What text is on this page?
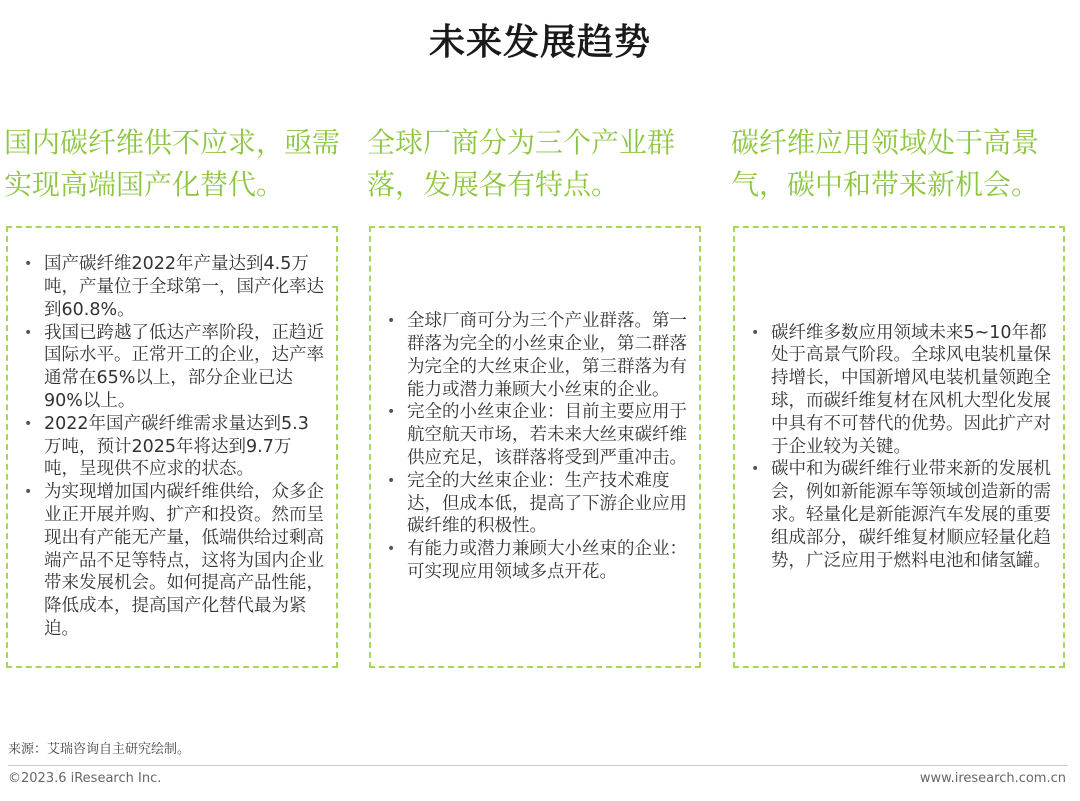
未来发展趋势
国内碳纤维供不应求，亟需实现高端国产化替代。
• 国产碳纤维2022年产量达到4.5万吨，产量位于全球第一，国产化率达到60.8%。
• 我国已跨越了低达产率阶段，正趋近国际水平。正常开工的企业，达产率通常在65%以上，部分企业已达90%以上。
• 2022年国产碳纤维需求量达到5.3万吨，预计2025年将达到9.7万吨，呈现供不应求的状态。
• 为实现增加国内碳纤维供给，众多企业正开展并购、扩产和投资。然而呈现出有产能无产量，低端供给过剩高端产品不足等特点，这将为国内企业带来发展机会。如何提高产品性能，降低成本，提高国产化替代最为紧迫。
全球厂商分为三个产业群落，发展各有特点。
• 全球厂商可分为三个产业群落。第一群落为完全的小丝束企业，第二群落为完全的大丝束企业，第三群落为有能力或潜力兼顾大小丝束的企业。
• 完全的小丝束企业：目前主要应用于航空航天市场，若未来大丝束碳纤维供应充足，该群落将受到严重冲击。
• 完全的大丝束企业：生产技术难度达，但成本低，提高了下游企业应用碳纤维的积极性。
• 有能力或潜力兼顾大小丝束的企业：可实现应用领域多点开花。
碳纤维应用领域处于高景气，碳中和带来新机会。
• 碳纤维多数应用领域未来5~10年都处于高景气阶段。全球风电装机量保持增长，中国新增风电装机量领跑全球，而碳纤维复材在风机大型化发展中具有不可替代的优势。因此扩产对于企业较为关键。
• 碳中和为碳纤维行业带来新的发展机会，例如新能源车等领域创造新的需求。轻量化是新能源汽车发展的重要组成部分，碳纤维复材顺应轻量化趋势，广泛应用于燃料电池和储氢罐。
来源：艾瑞咨询自主研究绘制。
©2023.6 iResearch Inc.	www.iresearch.com.cn
